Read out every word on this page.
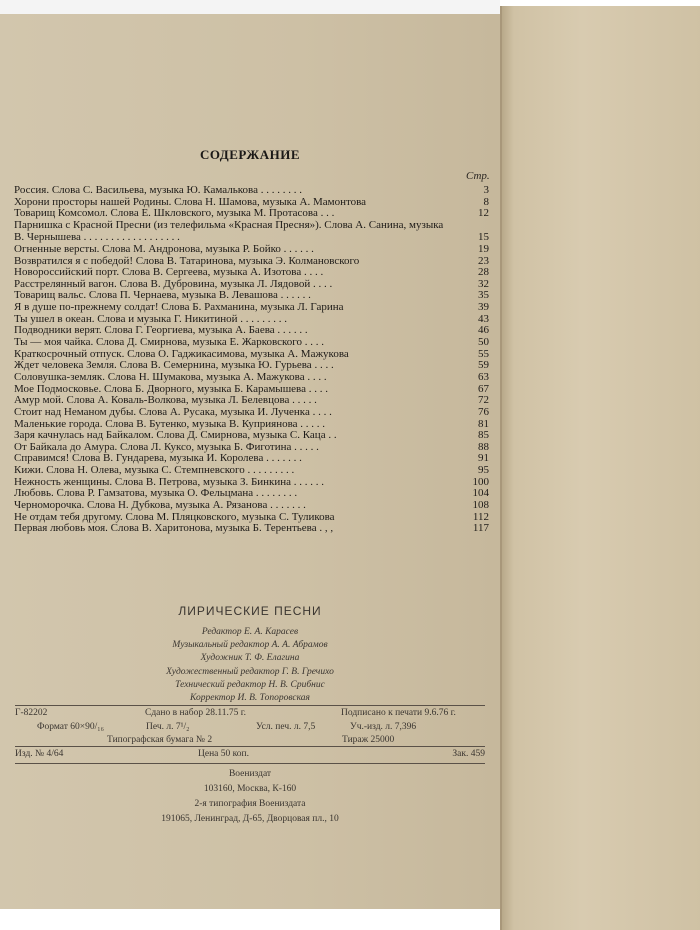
СОДЕРЖАНИЕ
Стр.
Россия. Слова С. Васильева, музыка Ю. Камалькова . . . . . . . .	3
Хорони просторы нашей Родины. Слова Н. Шамова, музыка А. Мамонтова	8
Товарищ Комсомол. Слова Е. Шкловского, музыка М. Протасова . . .	12
Парнишка с Красной Пресни (из телефильма «Красная Пресня»). Слова А. Санина, музыка В. Чернышева . . . . . . . . . . . . . . . . . .	15
Огненные версты. Слова М. Андронова, музыка Р. Бойко . . . . . .	19
Возвратился я с победой! Слова В. Татаринова, музыка Э. Колмановского	23
Новороссийский порт. Слова В. Сергеева, музыка А. Изотова . . . .	28
Расстрелянный вагон. Слова В. Дубровина, музыка Л. Лядовой . . . .	32
Товарищ вальс. Слова П. Чернаева, музыка В. Левашова . . . . . .	35
Я в душе по-прежнему солдат! Слова Б. Рахманина, музыка Л. Гарина	39
Ты ушел в океан. Слова и музыка Г. Никитиной . . . . . . . . .	43
Подводники верят. Слова Г. Георгиева, музыка А. Баева . . . . . .	46
Ты — моя чайка. Слова Д. Смирнова, музыка Е. Жарковского . . . .	50
Краткосрочный отпуск. Слова О. Гаджикасимова, музыка А. Мажукова	55
Ждет человека Земля. Слова В. Семернина, музыка Ю. Гурьева . . . .	59
Соловушка-земляк. Слова Н. Шумакова, музыка А. Мажукова . . . .	63
Мое Подмосковье. Слова Б. Дворного, музыка Б. Карамышева . . . .	67
Амур мой. Слова А. Коваль-Волкова, музыка Л. Белевцова . . . . .	72
Стоит над Неманом дубы. Слова А. Русака, музыка И. Лученка . . . .	76
Маленькие города. Слова В. Бутенко, музыка В. Куприянова . . . . .	81
Заря качнулась над Байкалом. Слова Д. Смирнова, музыка С. Каца . .	85
От Байкала до Амура. Слова Л. Куксо, музыка Б. Фиготина . . . . .	88
Справимся! Слова В. Гундарева, музыка И. Королева . . . . . . .	91
Кижи. Слова Н. Олева, музыка С. Стемпневского . . . . . . . . .	95
Нежность женщины. Слова В. Петрова, музыка З. Бинкина . . . . . .	100
Любовь. Слова Р. Гамзатова, музыка О. Фельцмана . . . . . . . .	104
Черноморочка. Слова Н. Дубкова, музыка А. Рязанова . . . . . . .	108
Не отдам тебя другому. Слова М. Пляцковского, музыка С. Туликова	112
Первая любовь моя. Слова В. Харитонова, музыка Б. Терентьева . , ,	117
ЛИРИЧЕСКИЕ ПЕСНИ
Редактор Е. А. Карасев
Музыкальный редактор А. А. Абрамов
Художник Т. Ф. Елагина
Художественный редактор Г. В. Гречихо
Технический редактор Н. В. Срибнис
Корректор И. В. Топоровская
Г-82202	Сдано в набор 28.11.75 г.	Подписано к печати 9.6.76 г.
Формат 60×90/₁₆	Печ. л. 7¹/₂	Усл. печ. л. 7,5	Уч.-изд. л. 7,396
Типографская бумага № 2	Тираж 25000
Изд. № 4/64	Цена 50 коп.	Зак. 459
Воениздат
103160, Москва, К-160
2-я типография Воениздата
191065, Ленинград, Д-65, Дворцовая пл., 10
